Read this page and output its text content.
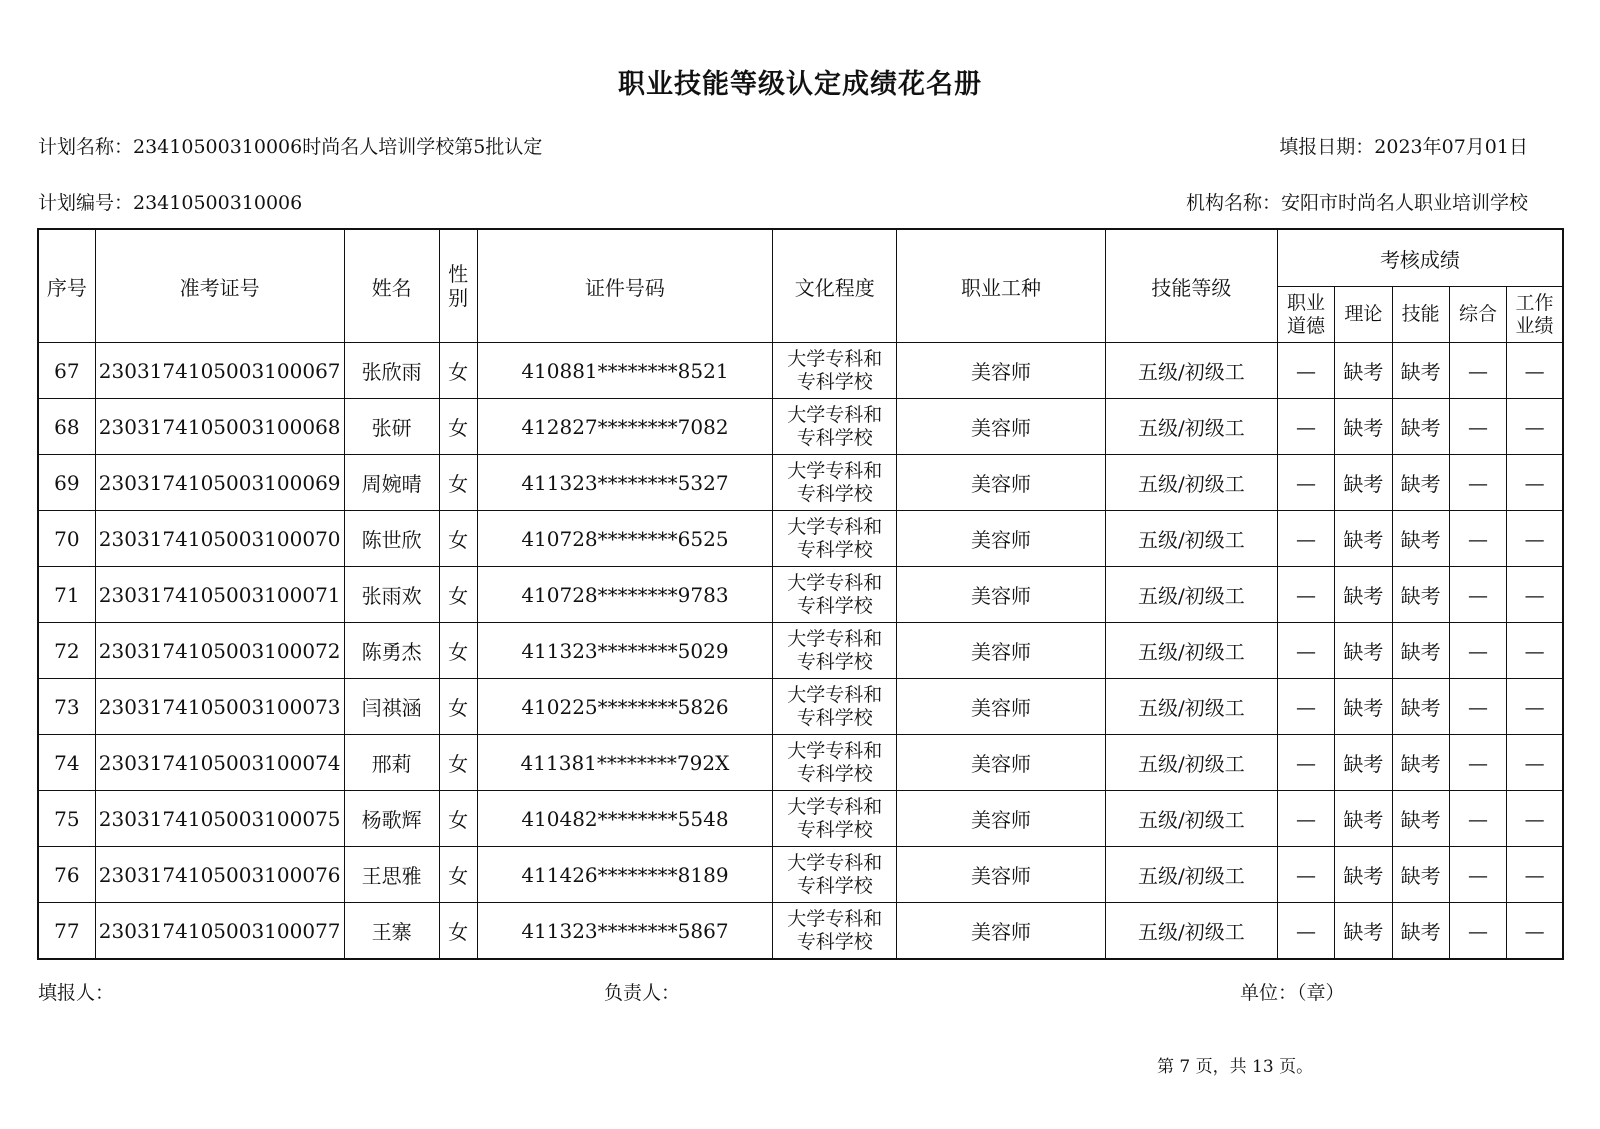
职业技能等级认定成绩花名册
计划名称：23410500310006时尚名人培训学校第5批认定	填报日期：2023年07月01日
计划编号：23410500310006	机构名称：安阳市时尚名人职业培训学校
序号	准考证号	姓名	性
别	证件号码	文化程度	职业工种	技能等级	考核成绩				
								职业
道德	理论	技能	综合	工作
业绩
67	2303174105003100067	张欣雨	女	410881********8521	大学专科和
专科学校	美容师	五级/初级工	—	缺考	缺考	—	—
68	2303174105003100068	张研	女	412827********7082	大学专科和
专科学校	美容师	五级/初级工	—	缺考	缺考	—	—
69	2303174105003100069	周婉晴	女	411323********5327	大学专科和
专科学校	美容师	五级/初级工	—	缺考	缺考	—	—
70	2303174105003100070	陈世欣	女	410728********6525	大学专科和
专科学校	美容师	五级/初级工	—	缺考	缺考	—	—
71	2303174105003100071	张雨欢	女	410728********9783	大学专科和
专科学校	美容师	五级/初级工	—	缺考	缺考	—	—
72	2303174105003100072	陈勇杰	女	411323********5029	大学专科和
专科学校	美容师	五级/初级工	—	缺考	缺考	—	—
73	2303174105003100073	闫祺涵	女	410225********5826	大学专科和
专科学校	美容师	五级/初级工	—	缺考	缺考	—	—
74	2303174105003100074	邢莉	女	411381********792X	大学专科和
专科学校	美容师	五级/初级工	—	缺考	缺考	—	—
75	2303174105003100075	杨歌辉	女	410482********5548	大学专科和
专科学校	美容师	五级/初级工	—	缺考	缺考	—	—
76	2303174105003100076	王思雅	女	411426********8189	大学专科和
专科学校	美容师	五级/初级工	—	缺考	缺考	—	—
77	2303174105003100077	王寨	女	411323********5867	大学专科和
专科学校	美容师	五级/初级工	—	缺考	缺考	—	—
填报人：	负责人：	单位：（章）
第 7 页，共 13 页。
